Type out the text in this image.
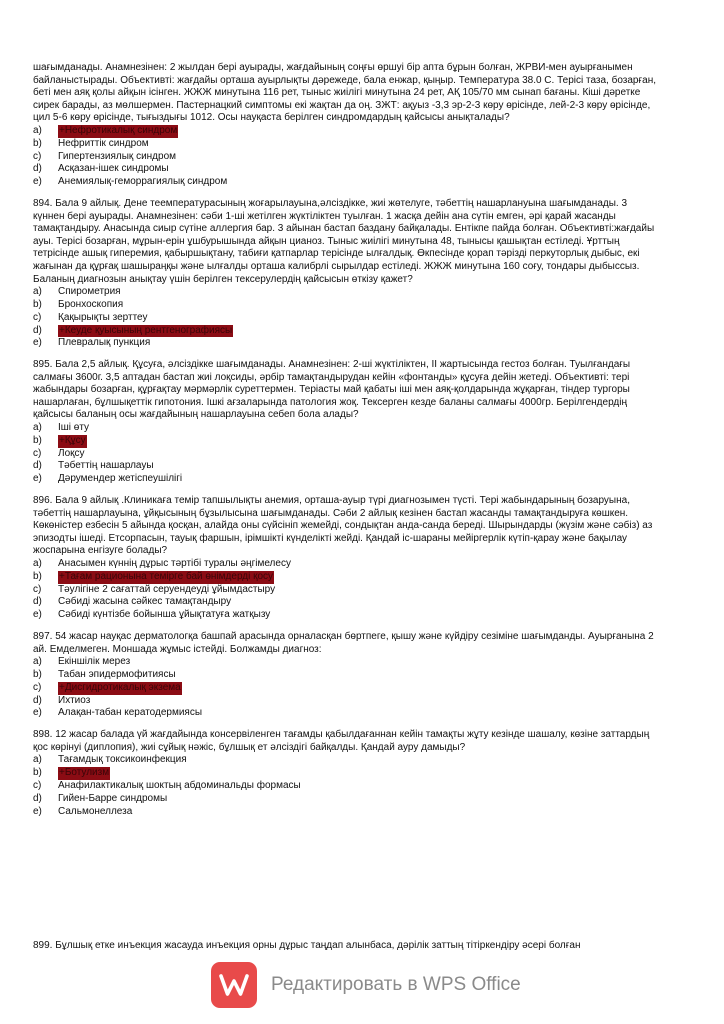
шағымданады. Анамнезінен: 2 жылдан бері ауырады, жағдайының соңғы өршуі бір апта бұрын болған, ЖРВИ-мен ауырғанымен байланыстырады. Объективті: жағдайы орташа ауырлықты дәрежеде, бала енжар, қыңыр. Температура 38.0 С. Терісі таза, бозарған, беті мен аяқ қолы айқын ісінген. ЖЖЖ минутына 116 рет, тыныс жиілігі минутына 24 рет, АҚ 105/70 мм сынап бағаны. Кіші дәретке сирек барады, аз мөлшермен. Пастернацкий симптомы екі жақтан да оң. ЗЖТ: ақуыз -3,3 эр-2-3 көру өрісінде, лей-2-3 көру өрісінде, цил 5-6 көру өрісінде, тығыздығы 1012. Осы науқаста берілген синдромдардың қайсысы анықталады?
a)	+Нефротикалық синдром
b)	Нефриттік синдром
c)	Гипертензиялық синдром
d)	Асқазан-ішек синдромы
e)	Анемиялық-геморрагиялық синдром
894. Бала 9 айлық. Дене теемпературасының жоғарылауына,әлсіздікке, жиі жөтелуге, тәбеттің нашарлануына шағымданады. 3 күннен бері ауырады. Анамнезінен: сәби 1-ші жетілген жүктіліктен туылған. 1 жасқа дейін ана сүтін емген, әрі қарай жасанды тамақтандыру. Анасында сиыр сүтіне аллергия бар. 3 айынан бастап баздану байқалады. Ентікпе пайда болған. Объективті:жағдайы ауы. Терісі бозарған, мұрын-ерін ұшбурышында айқын цианоз. Тыныс жиілігі минутына 48, тынысы қашықтан естіледі. Ұрттың тетрісінде ашық гиперемия, қабыршықтану, табиғи қатпарлар терісінде ылғалдық. Өкпесінде қорап тәрізді перкуторлық дыбыс, екі жағынан да құрғақ шашыраңқы және ылғалды орташа калибрлі сырылдар естіледі. ЖЖЖ минутына 160 соғу, тондары дыбыссыз. Баланың диагнозын анықтау үшін берілген тексерулердің қайсысын өткізу қажет?
a)	Спирометрия
b)	Бронхоскопия
c)	Қақырықты зерттеу
d)	+Кеуде қуысының рентгенографиясы
e)	Плевралық пункция
895. Бала 2,5 айлық. Құсуға, әлсіздікке шағымданады. Анамнезінен: 2-ші жүктіліктен, ІІ жартысында гестоз болған. Туылғандағы салмағы 3600г. 3,5 аптадан бастап жиі лоқсиды, әрбір тамақтандырудан кейін «фонтанды» құсуға дейін жетеді. Объективті: тері жабындары бозарған, құрғақтау мәрмәрлік суреттермен. Теріасты май қабаты іші мен аяқ-қолдарында жұқарған, тіндер тургоры нашарлаған, бұлшықеттік гипотония. Ішкі ағзаларында патология жоқ. Тексерген кезде баланы салмағы 4000гр. Берілгендердің қайсысы баланың осы жағдайының нашарлауына себеп бола алады?
a)	Іші өту
b)	+Құсу
c)	Лоқсу
d)	Тәбеттің нашарлауы
e)	Дәрумендер жетіспеушілігі
896. Бала 9 айлық .Клиникаға темір тапшылықты анемия, орташа-ауыр түрі диагнозымен түсті. Тері жабындарының бозаруына, тәбеттің нашарлауына, ұйқысының бұзылысына шағымданады. Сәби 2 айлық кезінен бастап жасанды тамақтандыруға көшкен. Көкөністер езбесін 5 айында қосқан, алайда оны сүйсініп жемейді, сондықтан анда-санда береді. Шырындарды (жүзім және сәбіз) аз эпизодты ішеді. Етсорпасын, тауық фаршын, ірімшікті күнделікті жейді. Қандай іс-шараны мейіргерлік күтіп-қарау және бақылау жоспарына енгізуге болады?
a)	Анасымен күннің дұрыс тәртібі туралы әңгімелесу
b)	+Тағам рационына темірге бай өнімдерді қосу
c)	Тәулігіне 2 сағаттай серуендеуді ұйымдастыру
d)	Сәбиді жасына сәйкес тамақтандыру
e)	Сәбиді күнтізбе бойынша ұйықтатуға жатқызу
897. 54 жасар науқас дерматологқа башпай арасында орналасқан бөртпеге, қышу және күйдіру сезіміне шағымданды. Ауырғанына 2 ай. Емделмеген. Моншада жұмыс істейді. Болжамды диагноз:
a)	Екіншілік мерез
b)	Табан эпидермофитиясы
c)	+Дисгидротикалық экзема
d)	Ихтиоз
e)	Алақан-табан кератодермиясы
898. 12 жасар балада үй жағдайында консервіленген тағамды қабылдағаннан кейін тамақты жұту кезінде шашалу, көзіне заттардың қос көрінуі (диплопия), жиі сұйық нәжіс, бұлшық ет әлсіздігі байқалды. Қандай ауру дамыды?
a)	Тағамдық токсикоинфекция
b)	+Ботулизм
c)	Анафилактикалық шоктың абдоминальды формасы
d)	Гийен-Барре синдромы
e)	Сальмонеллеза
899. Бұлшық етке инъекция жасауда инъекция орны дұрыс таңдап алынбаса, дәрілік заттың тітіркендіру әсері болған
Редактировать в WPS Office
